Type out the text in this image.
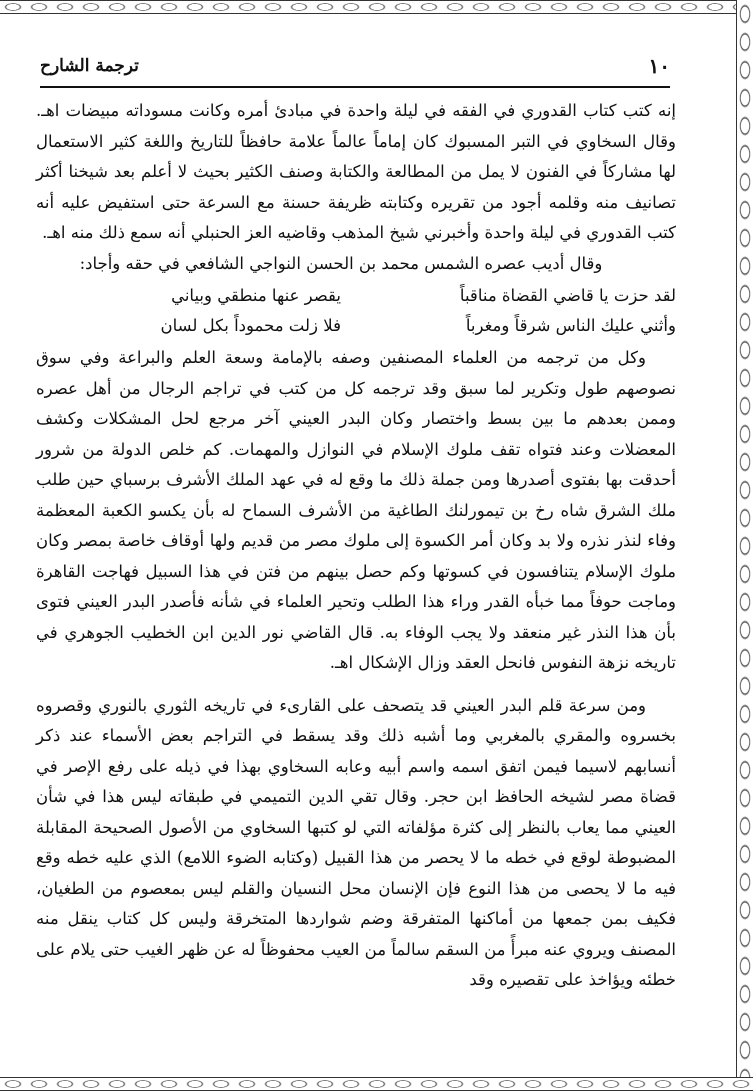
١٠
ترجمة الشارح

إنه كتب كتاب القدوري في الفقه في ليلة واحدة في مبادئ أمره وكانت مسوداته مبيضات اهـ. وقال السخاوي في التبر المسبوك كان إماماً عالماً علامة حافظاً للتاريخ واللغة كثير الاستعمال لها مشاركاً في الفنون لا يمل من المطالعة والكتابة وصنف الكثير بحيث لا أعلم بعد شيخنا أكثر تصانيف منه وقلمه أجود من تقريره وكتابته ظريفة حسنة مع السرعة حتى استفيض عليه أنه كتب القدوري في ليلة واحدة وأخبرني شيخ المذهب وقاضيه العز الحنبلي أنه سمع ذلك منه اهـ.

وقال أديب عصره الشمس محمد بن الحسن النواجي الشافعي في حقه وأجاد:

لقد حزت يا قاضي القضاة مناقباً
يقصر عنها منطقي وبياني
وأثني عليك الناس شرقاً ومغرباً
فلا زلت محموداً بكل لسان

وكل من ترجمه من العلماء المصنفين وصفه بالإمامة وسعة العلم والبراعة وفي سوق نصوصهم طول وتكرير لما سبق وقد ترجمه كل من كتب في تراجم الرجال من أهل عصره وممن بعدهم ما بين بسط واختصار وكان البدر العيني آخر مرجع لحل المشكلات وكشف المعضلات وعند فتواه تقف ملوك الإسلام في النوازل والمهمات. كم خلص الدولة من شرور أحدقت بها بفتوى أصدرها ومن جملة ذلك ما وقع له في عهد الملك الأشرف برسباي حين طلب ملك الشرق شاه رخ بن تيمورلنك الطاغية من الأشرف السماح له بأن يكسو الكعبة المعظمة وفاء لنذر نذره ولا بد وكان أمر الكسوة إلى ملوك مصر من قديم ولها أوقاف خاصة بمصر وكان ملوك الإسلام يتنافسون في كسوتها وكم حصل بينهم من فتن في هذا السبيل فهاجت القاهرة وماجت حوفاً مما خبأه القدر وراء هذا الطلب وتحير العلماء في شأنه فأصدر البدر العيني فتوى بأن هذا النذر غير منعقد ولا يجب الوفاء به. قال القاضي نور الدين ابن الخطيب الجوهري في تاريخه نزهة النفوس فانحل العقد وزال الإشكال اهـ.

ومن سرعة قلم البدر العيني قد يتصحف على القارىء في تاريخه الثوري بالنوري وقصروه بخسروه والمقري بالمغربي وما أشبه ذلك وقد يسقط في التراجم بعض الأسماء عند ذكر أنسابهم لاسيما فيمن اتفق اسمه واسم أبيه وعابه السخاوي بهذا في ذيله على رفع الإصر في قضاة مصر لشيخه الحافظ ابن حجر. وقال تقي الدين التميمي في طبقاته ليس هذا في شأن العيني مما يعاب بالنظر إلى كثرة مؤلفاته التي لو كتبها السخاوي من الأصول الصحيحة المقابلة المضبوطة لوقع في خطه ما لا يحصر من هذا القبيل (وكتابه الضوء اللامع) الذي عليه خطه وقع فيه ما لا يحصى من هذا النوع فإن الإنسان محل النسيان والقلم ليس بمعصوم من الطغيان، فكيف بمن جمعها من أماكنها المتفرقة وضم شواردها المتخرقة وليس كل كتاب ينقل منه المصنف ويروي عنه مبرأً من السقم سالماً من العيب محفوظاً له عن ظهر الغيب حتى يلام على خطئه ويؤاخذ على تقصيره وقد
